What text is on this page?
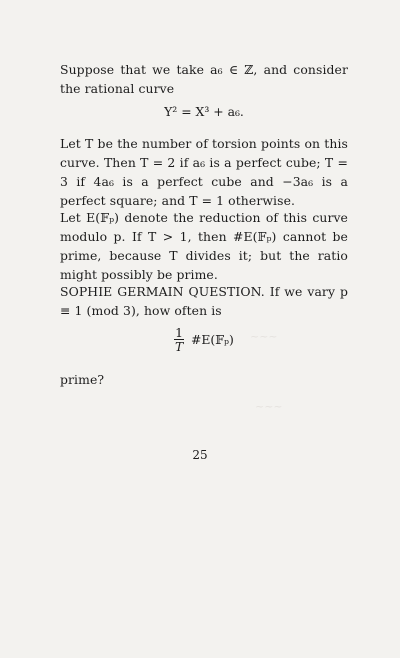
Suppose that we take a₆ ∈ ℤ, and consider the rational curve
Y² = X³ + a₆.
Let T be the number of torsion points on this curve. Then T = 2 if a₆ is a perfect cube; T = 3 if 4a₆ is a perfect cube and −3a₆ is a perfect square; and T = 1 otherwise.
Let E(𝔽ₚ) denote the reduction of this curve modulo p. If T > 1, then #E(𝔽ₚ) cannot be prime, because T divides it; but the ratio might possibly be prime.
SOPHIE GERMAIN QUESTION. If we vary p ≡ 1 (mod 3), how often is
$\frac{1}{T}$ #E(𝔽ₚ)
prime?
25
~~~
~~~
